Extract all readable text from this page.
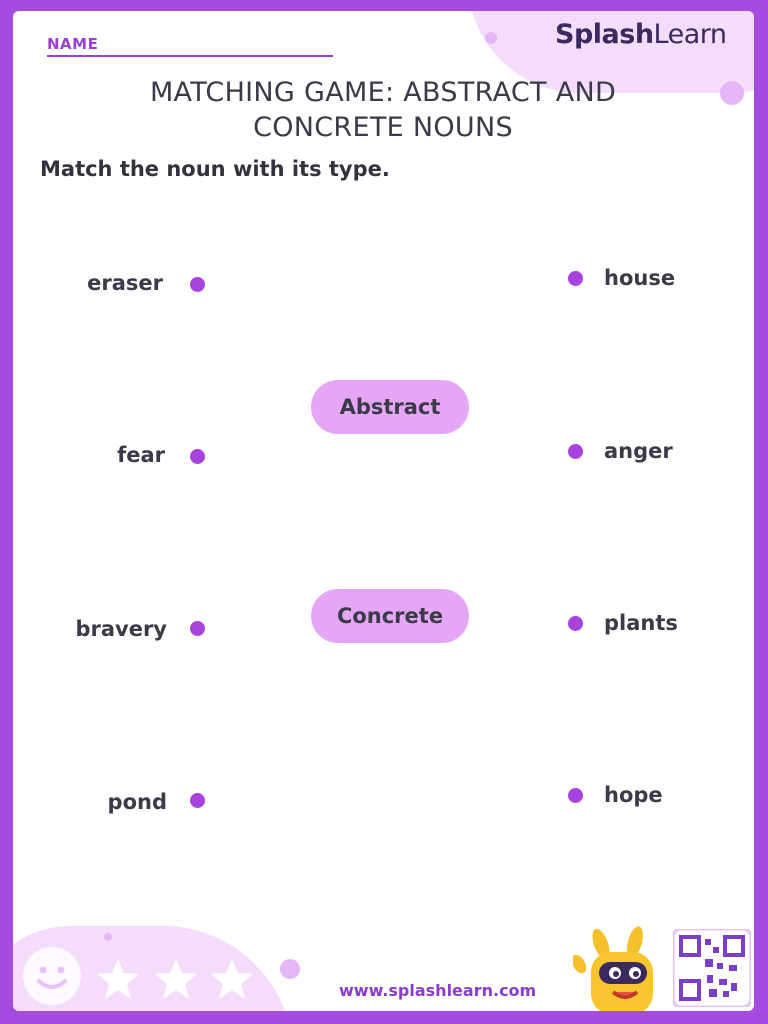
NAME	SplashLearn
MATCHING GAME: ABSTRACT AND
CONCRETE NOUNS
Match the noun with its type.
eraser
fear
bravery
pond
house
anger
plants
hope
Abstract
Concrete
www.splashlearn.com
